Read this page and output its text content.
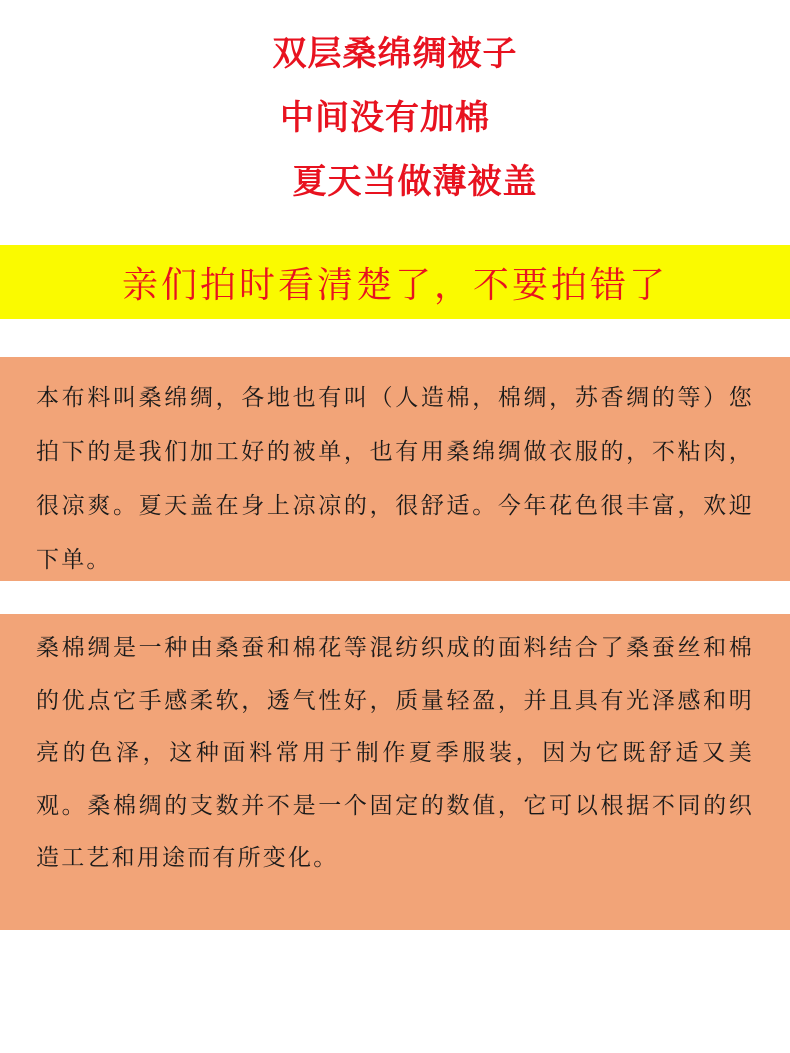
双层桑绵绸被子
中间没有加棉
夏天当做薄被盖
亲们拍时看清楚了，不要拍错了

本布料叫桑绵绸，各地也有叫（人造棉，棉绸，苏香绸的等）您拍下的是我们加工好的被单，也有用桑绵绸做衣服的，不粘肉，很凉爽。夏天盖在身上凉凉的，很舒适。今年花色很丰富，欢迎下单。

桑棉绸是一种由桑蚕和棉花等混纺织成的面料结合了桑蚕丝和棉的优点它手感柔软，透气性好，质量轻盈，并且具有光泽感和明亮的色泽，这种面料常用于制作夏季服装，因为它既舒适又美观。桑棉绸的支数并不是一个固定的数值，它可以根据不同的织造工艺和用途而有所变化。
